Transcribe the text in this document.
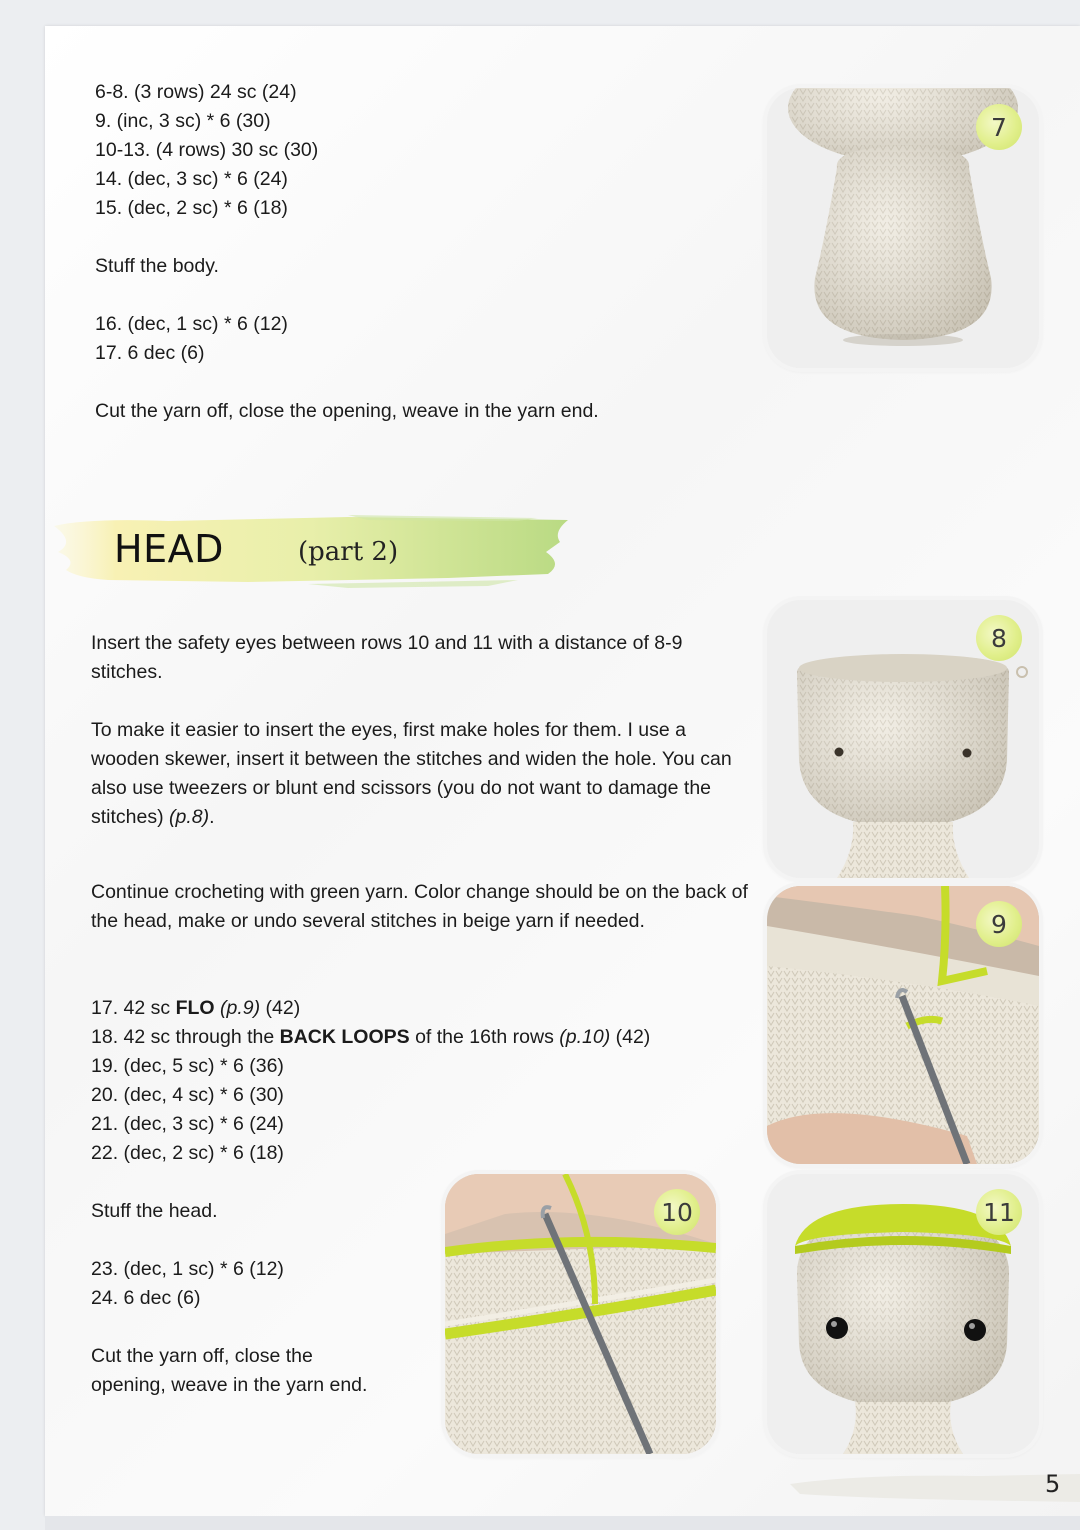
6-8. (3 rows) 24 sc (24)
9. (inc, 3 sc) * 6 (30)
10-13. (4 rows) 30 sc (30)
14. (dec, 3 sc) * 6 (24)
15. (dec, 2 sc) * 6 (18)
Stuff the body.
16. (dec, 1 sc) * 6 (12)
17. 6 dec (6)
Cut the yarn off, close the opening, weave in the yarn end.
HEAD	(part 2)
Insert the safety eyes between rows 10 and 11 with a distance of 8-9 stitches.
To make it easier to insert the eyes, first make holes for them. I use a wooden skewer, insert it between the stitches and widen the hole. You can also use tweezers or blunt end scissors (you do not want to damage the stitches) (p.8).
Continue crocheting with green yarn. Color change should be on the back of the head, make or undo several stitches in beige yarn if needed.
17. 42 sc FLO (p.9) (42)
18. 42 sc through the BACK LOOPS of the 16th rows (p.10) (42)
19. (dec, 5 sc) * 6 (36)
20. (dec, 4 sc) * 6 (30)
21. (dec, 3 sc) * 6 (24)
22. (dec, 2 sc) * 6 (18)
Stuff the head.
23. (dec, 1 sc) * 6 (12)
24. 6 dec (6)
Cut the yarn off, close the
opening, weave in the yarn end.
7
8
9
10	11
5
